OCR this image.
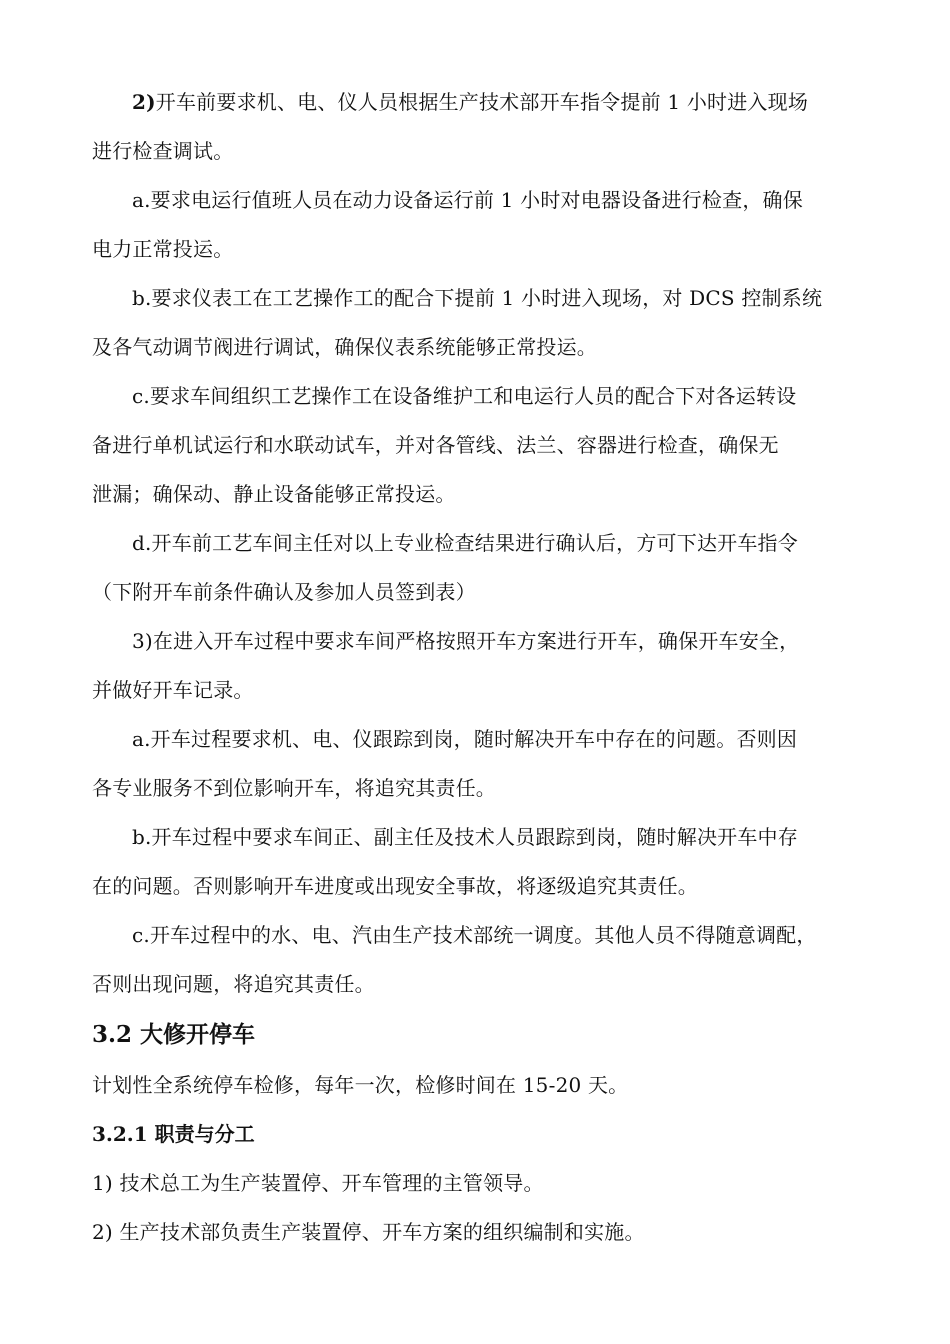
2)开车前要求机、电、仪人员根据生产技术部开车指令提前 1 小时进入现场

进行检查调试。

a.要求电运行值班人员在动力设备运行前 1 小时对电器设备进行检查，确保

电力正常投运。

b.要求仪表工在工艺操作工的配合下提前 1 小时进入现场，对 DCS 控制系统

及各气动调节阀进行调试，确保仪表系统能够正常投运。

c.要求车间组织工艺操作工在设备维护工和电运行人员的配合下对各运转设

备进行单机试运行和水联动试车，并对各管线、法兰、容器进行检查，确保无

泄漏；确保动、静止设备能够正常投运。

d.开车前工艺车间主任对以上专业检查结果进行确认后，方可下达开车指令

（下附开车前条件确认及参加人员签到表）

3)在进入开车过程中要求车间严格按照开车方案进行开车，确保开车安全，

并做好开车记录。

a.开车过程要求机、电、仪跟踪到岗，随时解决开车中存在的问题。否则因

各专业服务不到位影响开车，将追究其责任。

b.开车过程中要求车间正、副主任及技术人员跟踪到岗，随时解决开车中存

在的问题。否则影响开车进度或出现安全事故，将逐级追究其责任。

c.开车过程中的水、电、汽由生产技术部统一调度。其他人员不得随意调配，

否则出现问题，将追究其责任。

3.2 大修开停车

计划性全系统停车检修，每年一次，检修时间在 15-20 天。

3.2.1 职责与分工

1) 技术总工为生产装置停、开车管理的主管领导。

2) 生产技术部负责生产装置停、开车方案的组织编制和实施。
